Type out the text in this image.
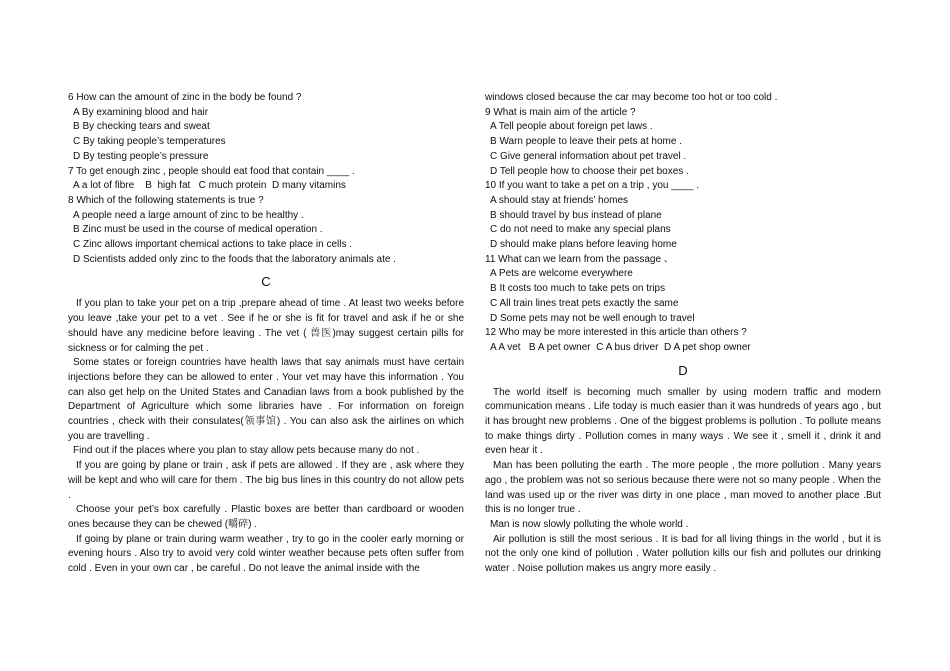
6 How can the amount of zinc in the body be found ?
A By examining blood and hair
B By checking tears and sweat
C By taking people’s temperatures
D By testing people’s pressure
7 To get enough zinc , people should eat food that contain ____ .
A a lot of fibre    B  high fat   C much protein  D many vitamins
8 Which of the following statements is true ?
A people need a large amount of zinc to be healthy .
B Zinc must be used in the course of medical operation .
C Zinc allows important chemical actions to take place in cells .
D Scientists added only zinc to the foods that the laboratory animals ate .
C

If you plan to take your pet on a trip ,prepare ahead of time . At least two weeks before you leave ,take your pet to a vet . See if he or she is fit for travel and ask if he or she should have any medicine before leaving . The vet ( 兽医)may suggest certain pills for sickness or for calming the pet .

Some states or foreign countries have health laws that say animals must have certain injections before they can be allowed to enter . Your vet may have this information . You can also get help on the United States and Canadian laws from a book published by the Department of Agriculture which some libraries have . For information on foreign countries , check with their consulates(领事馆) . You can also ask the airlines on which you are travelling .

Find out if the places where you plan to stay allow pets because many do not .

If you are going by plane or train , ask if pets are allowed . If they are , ask where they will be kept and who will care for them . The big bus lines in this country do not allow pets .

Choose your pet’s box carefully . Plastic boxes are better than cardboard or wooden ones because they can be chewed (嚼碎) .

If going by plane or train during warm weather , try to go in the cooler early morning or evening hours . Also try to avoid very cold winter weather because pets often suffer from cold . Even in your own car , be careful . Do not leave the animal inside with the

windows closed because the car may become too hot or too cold .
9 What is main aim of the article ?
A Tell people about foreign pet laws .
B Warn people to leave their pets at home .
C Give general information about pet travel .
D Tell people how to choose their pet boxes .
10 If you want to take a pet on a trip , you ____ .
A should stay at friends’ homes
B should travel by bus instead of plane
C do not need to make any special plans
D should make plans before leaving home
11 What can we learn from the passage 、
A Pets are welcome everywhere
B It costs too much to take pets on trips
C All train lines treat pets exactly the same
D Some pets may not be well enough to travel
12 Who may be more interested in this article than others ?
A A vet   B A pet owner  C A bus driver  D A pet shop owner
D

The world itself is becoming much smaller by using modern traffic and modern communication means . Life today is much easier than it was hundreds of years ago , but it has brought new problems . One of the biggest problems is pollution . To pollute means to make things dirty . Pollution comes in many ways . We see it , smell it , drink it and even hear it .

Man has been polluting the earth . The more people , the more pollution . Many years ago , the problem was not so serious because there were not so many people . When the land was used up or the river was dirty in one place , man moved to another place .But this is no longer true .

Man is now slowly polluting the whole world .

Air pollution is still the most serious . It is bad for all living things in the world , but it is not the only one kind of pollution . Water pollution kills our fish and pollutes our drinking water . Noise pollution makes us angry more easily .
